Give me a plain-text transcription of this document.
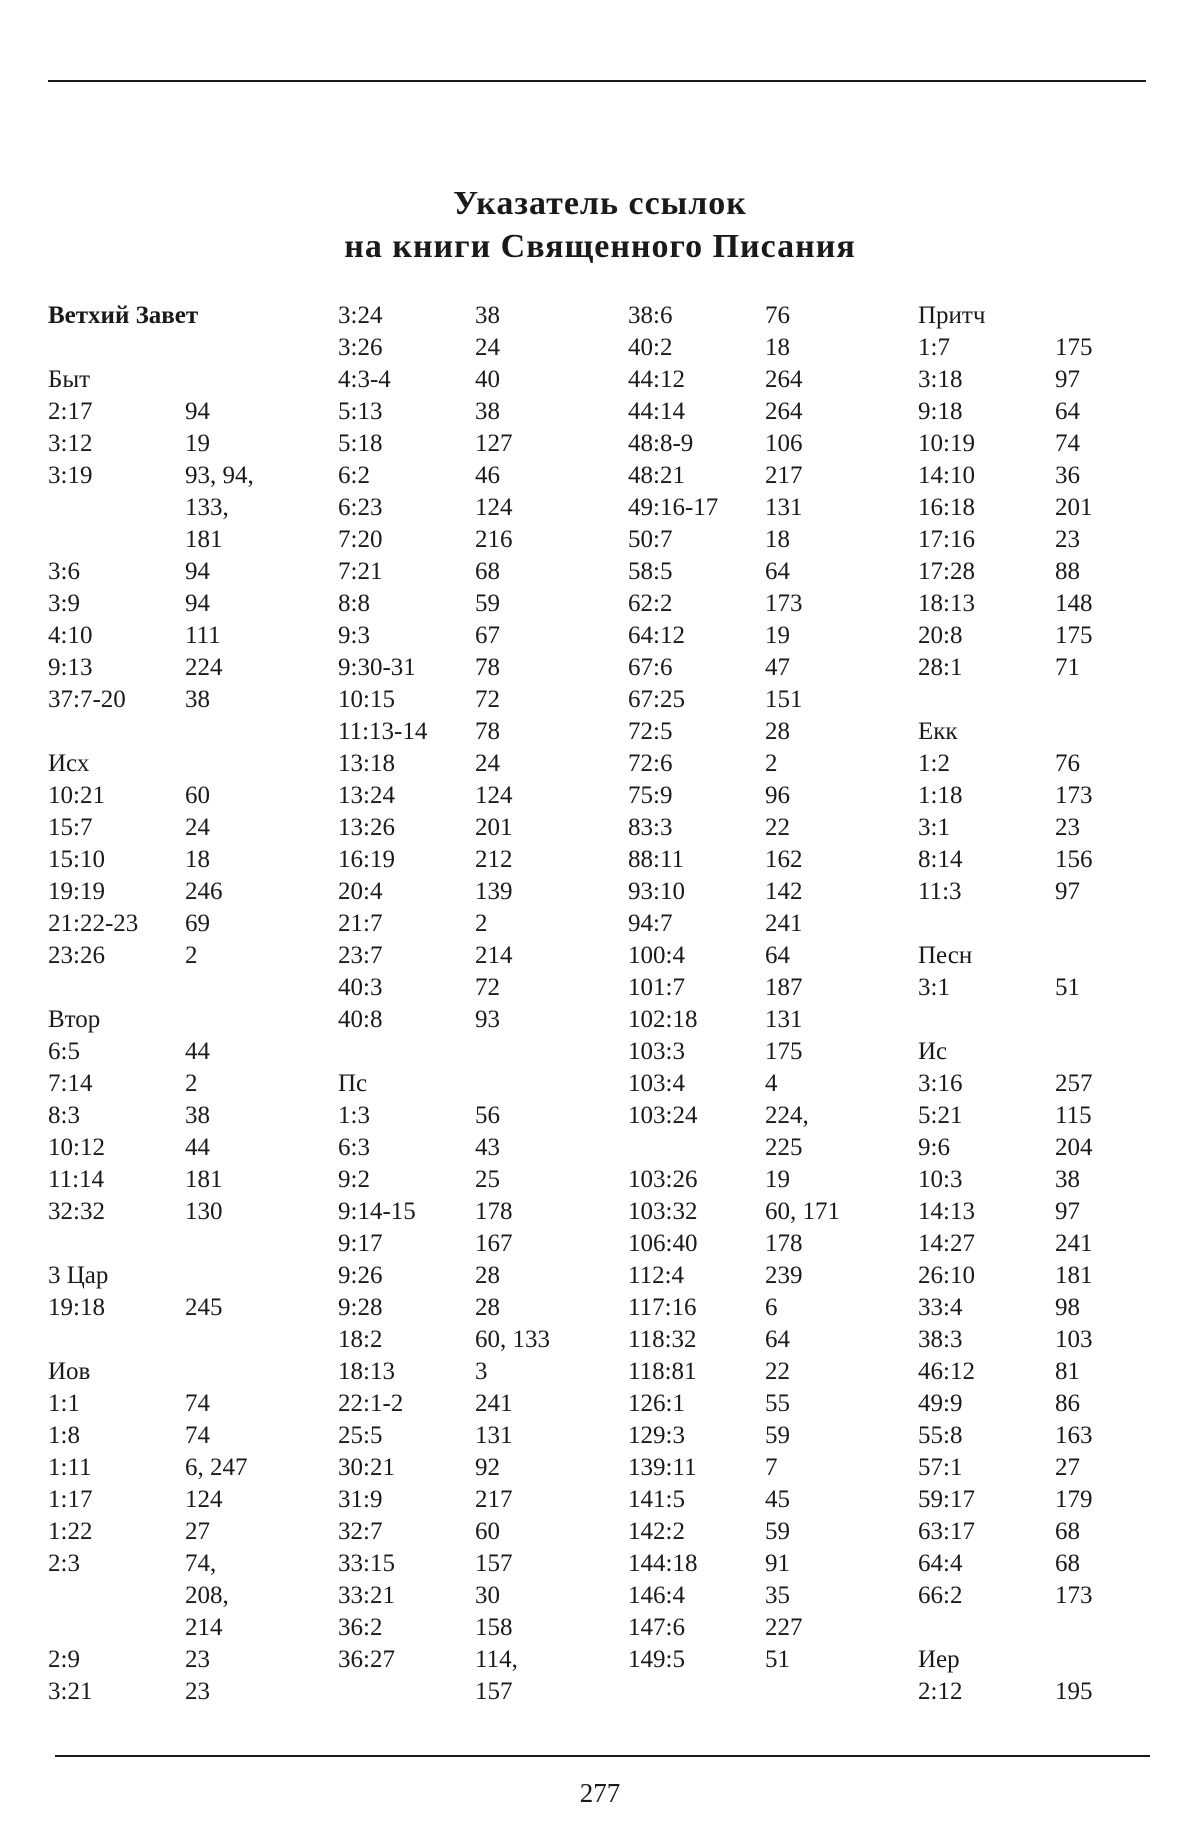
Указатель ссылок
на книги Священного Писания
Ветхий Завет
Быт
2:17	94
3:12	19
3:19	93, 94,
133,
181
3:6	94
3:9	94
4:10	111
9:13	224
37:7-20 38
Исх
10:21	60
15:7	24
15:10	18
19:19	246
21:22-23 69
23:26	2
Втор
6:5	44
7:14	2
8:3	38
10:12	44
11:14	181
32:32	130
3 Цар
19:18	245
Иов
1:1	74
1:8	74
1:11	6, 247
1:17	124
1:22	27
2:3	74,
208,
214
2:9	23
3:21	23
3:24	38
3:26	24
4:3-4	40
5:13	38
5:18	127
6:2	46
6:23	124
7:20	216
7:21	68
8:8	59
9:3	67
9:30-31 78
10:15	72
11:13-14 78
13:18	24
13:24	124
13:26	201
16:19	212
20:4	139
21:7	2
23:7	214
40:3	72
40:8	93
Пс
1:3	56
6:3	43
9:2	25
9:14-15 178
9:17	167
9:26	28
9:28	28
18:2	60, 133
18:13	3
22:1-2	241
25:5	131
30:21	92
31:9	217
32:7	60
33:15	157
33:21	30
36:2	158
36:27	114,
157
38:6	76
40:2	18
44:12	264
44:14	264
48:8-9	106
48:21	217
49:16-17 131
50:7	18
58:5	64
62:2	173
64:12	19
67:6	47
67:25	151
72:5	28
72:6	2
75:9	96
83:3	22
88:11	162
93:10	142
94:7	241
100:4	64
101:7	187
102:18	131
103:3	175
103:4	4
103:24	224,
225
103:26	19
103:32	60, 171
106:40	178
112:4	239
117:16	6
118:32	64
118:81	22
126:1	55
129:3	59
139:11	7
141:5	45
142:2	59
144:18	91
146:4	35
147:6	227
149:5	51
Притч
1:7	175
3:18	97
9:18	64
10:19	74
14:10	36
16:18	201
17:16	23
17:28	88
18:13	148
20:8	175
28:1	71
Екк
1:2	76
1:18	173
3:1	23
8:14	156
11:3	97
Песн
3:1	51
Ис
3:16	257
5:21	115
9:6	204
10:3	38
14:13	97
14:27	241
26:10	181
33:4	98
38:3	103
46:12	81
49:9	86
55:8	163
57:1	27
59:17	179
63:17	68
64:4	68
66:2	173
Иер
2:12	195
277
